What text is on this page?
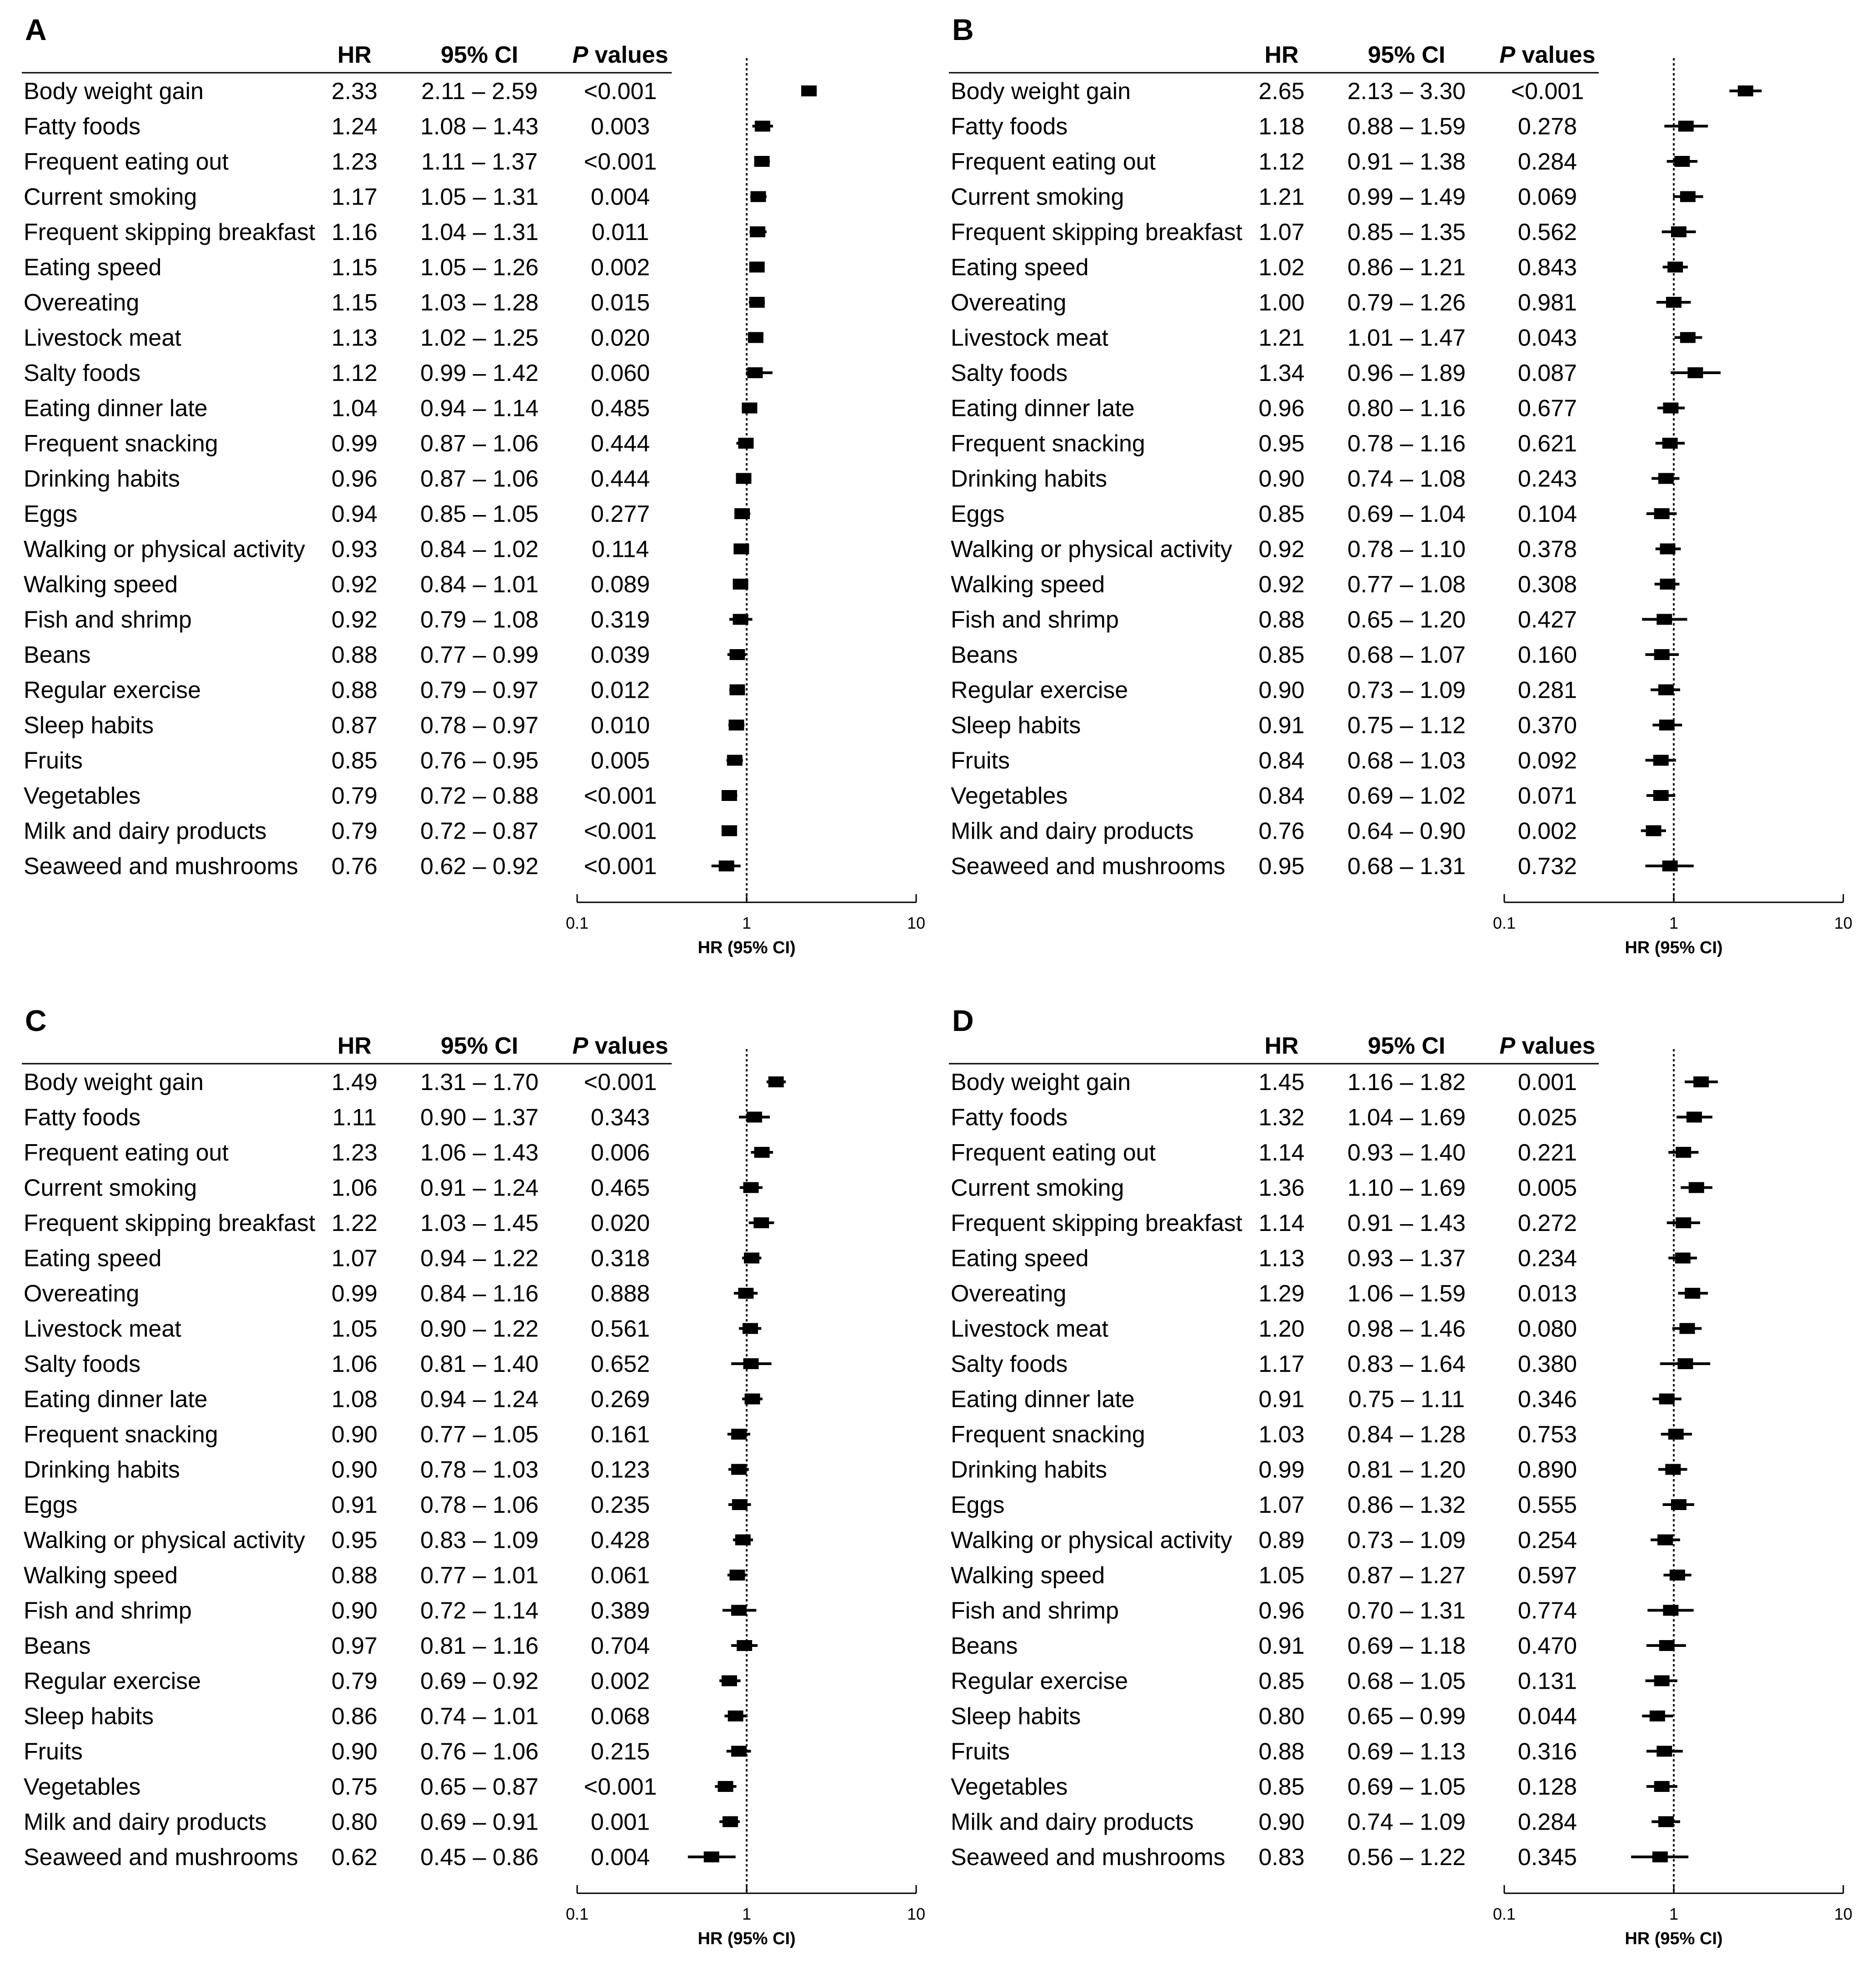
A
HR	95% CI P values
0.1	1	10
HR (95% CI)
Body weight gain	2.33 2.11 – 2.59 <0.001
Fatty foods	1.24 1.08 – 1.43 0.003
Frequent eating out	1.23 1.11 – 1.37 <0.001
Current smoking	1.17 1.05 – 1.31 0.004
Frequent skipping breakfast 1.16 1.04 – 1.31 0.011
Eating speed	1.15 1.05 – 1.26 0.002
Overeating	1.15 1.03 – 1.28 0.015
Livestock meat	1.13 1.02 – 1.25 0.020
Salty foods	1.12 0.99 – 1.42 0.060
Eating dinner late	1.04 0.94 – 1.14 0.485
Frequent snacking	0.99 0.87 – 1.06 0.444
Drinking habits	0.96 0.87 – 1.06 0.444
Eggs	0.94 0.85 – 1.05 0.277
Walking or physical activity 0.93 0.84 – 1.02 0.114
Walking speed	0.92 0.84 – 1.01 0.089
Fish and shrimp	0.92 0.79 – 1.08 0.319
Beans	0.88 0.77 – 0.99 0.039
Regular exercise	0.88 0.79 – 0.97 0.012
Sleep habits	0.87 0.78 – 0.97 0.010
Fruits	0.85 0.76 – 0.95 0.005
Vegetables	0.79 0.72 – 0.88 <0.001
Milk and dairy products	0.79 0.72 – 0.87 <0.001
Seaweed and mushrooms 0.76 0.62 – 0.92 <0.001
B
HR	95% CI P values
0.1	1	10
HR (95% CI)
Body weight gain	2.65 2.13 – 3.30 <0.001
Fatty foods	1.18 0.88 – 1.59 0.278
Frequent eating out	1.12 0.91 – 1.38 0.284
Current smoking	1.21 0.99 – 1.49 0.069
Frequent skipping breakfast 1.07 0.85 – 1.35 0.562
Eating speed	1.02 0.86 – 1.21 0.843
Overeating	1.00 0.79 – 1.26 0.981
Livestock meat	1.21 1.01 – 1.47 0.043
Salty foods	1.34 0.96 – 1.89 0.087
Eating dinner late	0.96 0.80 – 1.16 0.677
Frequent snacking	0.95 0.78 – 1.16 0.621
Drinking habits	0.90 0.74 – 1.08 0.243
Eggs	0.85 0.69 – 1.04 0.104
Walking or physical activity 0.92 0.78 – 1.10 0.378
Walking speed	0.92 0.77 – 1.08 0.308
Fish and shrimp	0.88 0.65 – 1.20 0.427
Beans	0.85 0.68 – 1.07 0.160
Regular exercise	0.90 0.73 – 1.09 0.281
Sleep habits	0.91 0.75 – 1.12 0.370
Fruits	0.84 0.68 – 1.03 0.092
Vegetables	0.84 0.69 – 1.02 0.071
Milk and dairy products	0.76 0.64 – 0.90 0.002
Seaweed and mushrooms 0.95 0.68 – 1.31 0.732
C
HR	95% CI P values
0.1	1	10
HR (95% CI)
Body weight gain	1.49 1.31 – 1.70 <0.001
Fatty foods	1.11 0.90 – 1.37 0.343
Frequent eating out	1.23 1.06 – 1.43 0.006
Current smoking	1.06 0.91 – 1.24 0.465
Frequent skipping breakfast 1.22 1.03 – 1.45 0.020
Eating speed	1.07 0.94 – 1.22 0.318
Overeating	0.99 0.84 – 1.16 0.888
Livestock meat	1.05 0.90 – 1.22 0.561
Salty foods	1.06 0.81 – 1.40 0.652
Eating dinner late	1.08 0.94 – 1.24 0.269
Frequent snacking	0.90 0.77 – 1.05 0.161
Drinking habits	0.90 0.78 – 1.03 0.123
Eggs	0.91 0.78 – 1.06 0.235
Walking or physical activity 0.95 0.83 – 1.09 0.428
Walking speed	0.88 0.77 – 1.01 0.061
Fish and shrimp	0.90 0.72 – 1.14 0.389
Beans	0.97 0.81 – 1.16 0.704
Regular exercise	0.79 0.69 – 0.92 0.002
Sleep habits	0.86 0.74 – 1.01 0.068
Fruits	0.90 0.76 – 1.06 0.215
Vegetables	0.75 0.65 – 0.87 <0.001
Milk and dairy products	0.80 0.69 – 0.91 0.001
Seaweed and mushrooms 0.62 0.45 – 0.86 0.004
D
HR	95% CI P values
0.1	1	10
HR (95% CI)
Body weight gain	1.45 1.16 – 1.82 0.001
Fatty foods	1.32 1.04 – 1.69 0.025
Frequent eating out	1.14 0.93 – 1.40 0.221
Current smoking	1.36 1.10 – 1.69 0.005
Frequent skipping breakfast 1.14 0.91 – 1.43 0.272
Eating speed	1.13 0.93 – 1.37 0.234
Overeating	1.29 1.06 – 1.59 0.013
Livestock meat	1.20 0.98 – 1.46 0.080
Salty foods	1.17 0.83 – 1.64 0.380
Eating dinner late	0.91 0.75 – 1.11 0.346
Frequent snacking	1.03 0.84 – 1.28 0.753
Drinking habits	0.99 0.81 – 1.20 0.890
Eggs	1.07 0.86 – 1.32 0.555
Walking or physical activity 0.89 0.73 – 1.09 0.254
Walking speed	1.05 0.87 – 1.27 0.597
Fish and shrimp	0.96 0.70 – 1.31 0.774
Beans	0.91 0.69 – 1.18 0.470
Regular exercise	0.85 0.68 – 1.05 0.131
Sleep habits	0.80 0.65 – 0.99 0.044
Fruits	0.88 0.69 – 1.13 0.316
Vegetables	0.85 0.69 – 1.05 0.128
Milk and dairy products	0.90 0.74 – 1.09 0.284
Seaweed and mushrooms 0.83 0.56 – 1.22 0.345
